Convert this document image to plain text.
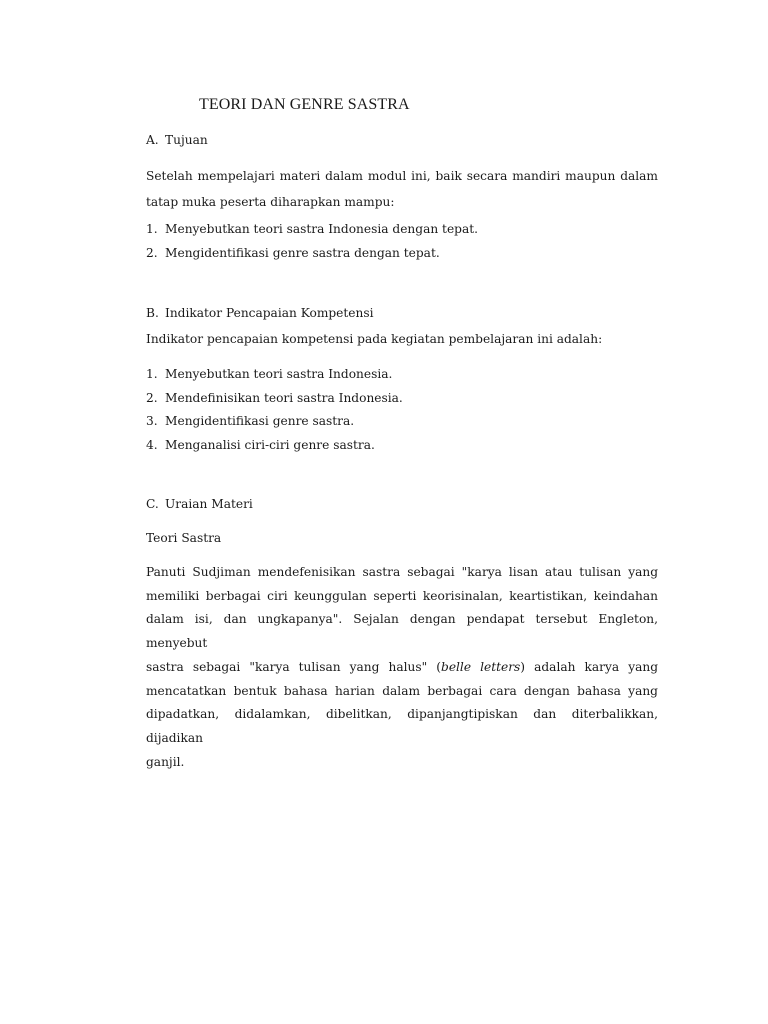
TEORI DAN GENRE SASTRA
A. Tujuan
Setelah mempelajari materi dalam modul ini, baik secara mandiri maupun dalam
tatap muka peserta diharapkan mampu:
1. Menyebutkan teori sastra Indonesia dengan tepat.
2. Mengidentifikasi genre sastra dengan tepat.
B. Indikator Pencapaian Kompetensi
Indikator pencapaian kompetensi pada kegiatan pembelajaran ini adalah:
1. Menyebutkan teori sastra Indonesia.
2. Mendefinisikan teori sastra Indonesia.
3. Mengidentifikasi genre sastra.
4. Menganalisi ciri-ciri genre sastra.
C. Uraian Materi
Teori Sastra
Panuti Sudjiman mendefenisikan sastra sebagai "karya lisan atau tulisan yang
memiliki berbagai ciri keunggulan seperti keorisinalan, keartistikan, keindahan
dalam isi, dan ungkapanya". Sejalan dengan pendapat tersebut Engleton, menyebut
sastra sebagai "karya tulisan yang halus" (belle letters) adalah karya yang
mencatatkan bentuk bahasa harian dalam berbagai cara dengan bahasa yang
dipadatkan, didalamkan, dibelitkan, dipanjangtipiskan dan diterbalikkan, dijadikan
ganjil.
